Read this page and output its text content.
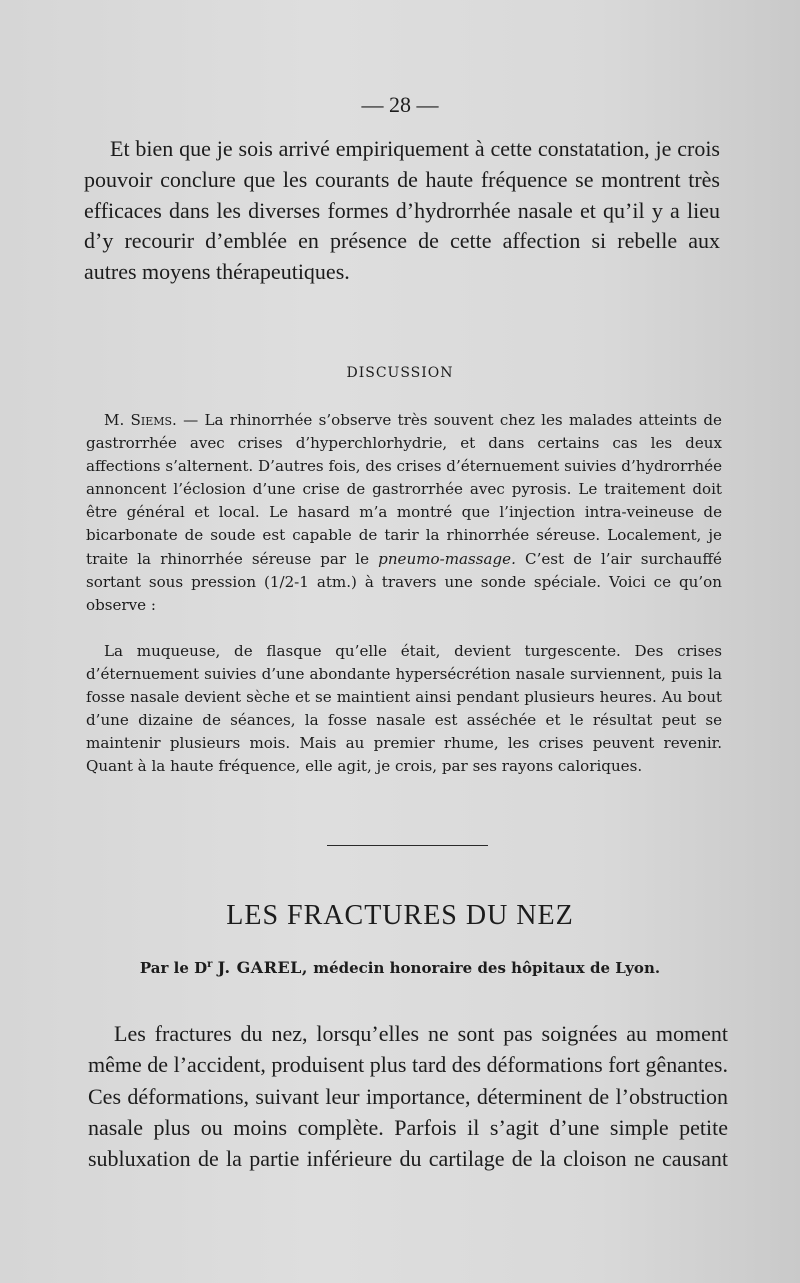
— 28 —

Et bien que je sois arrivé empiriquement à cette constatation, je crois pouvoir conclure que les courants de haute fréquence se montrent très efficaces dans les diverses formes d’hydrorrhée nasale et qu’il y a lieu d’y recourir d’emblée en présence de cette affection si rebelle aux autres moyens thérapeutiques.

DISCUSSION

M. Siems. — La rhinorrhée s’observe très souvent chez les malades atteints de gastrorrhée avec crises d’hyperchlorhydrie, et dans certains cas les deux affections s’alternent. D’autres fois, des crises d’éternuement suivies d’hydrorrhée annoncent l’éclosion d’une crise de gastrorrhée avec pyrosis. Le traitement doit être général et local. Le hasard m’a montré que l’injection intra-veineuse de bicarbonate de soude est capable de tarir la rhinorrhée séreuse. Localement, je traite la rhinorrhée séreuse par le pneumo-massage. C’est de l’air surchauffé sortant sous pression (1/2-1 atm.) à travers une sonde spéciale. Voici ce qu’on observe :

La muqueuse, de flasque qu’elle était, devient turgescente. Des crises d’éternuement suivies d’une abondante hypersécrétion nasale surviennent, puis la fosse nasale devient sèche et se maintient ainsi pendant plusieurs heures. Au bout d’une dizaine de séances, la fosse nasale est asséchée et le résultat peut se maintenir plusieurs mois. Mais au premier rhume, les crises peuvent revenir. Quant à la haute fréquence, elle agit, je crois, par ses rayons caloriques.

LES FRACTURES DU NEZ
Par le $D^r$ J. GAREL, médecin honoraire des hôpitaux de Lyon.

Les fractures du nez, lorsqu’elles ne sont pas soignées au moment même de l’accident, produisent plus tard des déformations fort gênantes. Ces déformations, suivant leur importance, déterminent de l’obstruction nasale plus ou moins complète. Parfois il s’agit d’une simple petite subluxation de la partie inférieure du cartilage de la cloison ne causant
